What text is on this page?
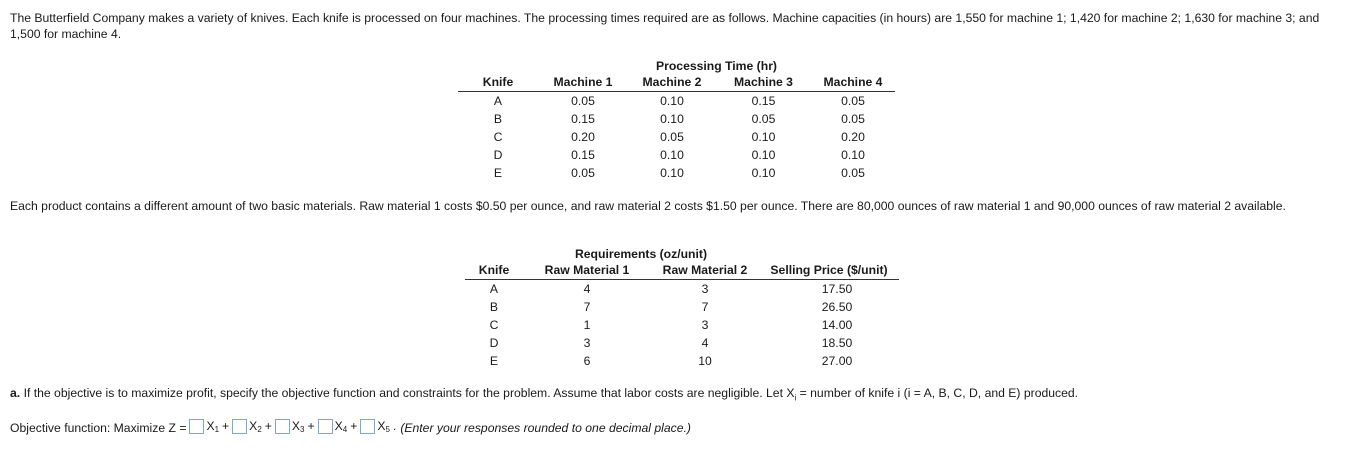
The Butterfield Company makes a variety of knives. Each knife is processed on four machines. The processing times required are as follows. Machine capacities (in hours) are 1,550 for machine 1; 1,420 for machine 2; 1,630 for machine 3; and 1,500 for machine 4.
	Processing Time (hr)			
Knife	Machine 1	Machine 2	Machine 3	Machine 4
A	0.05	0.10	0.15	0.05
B	0.15	0.10	0.05	0.05
C	0.20	0.05	0.10	0.20
D	0.15	0.10	0.10	0.10
E	0.05	0.10	0.10	0.05
Each product contains a different amount of two basic materials. Raw material 1 costs $0.50 per ounce, and raw material 2 costs $1.50 per ounce. There are 80,000 ounces of raw material 1 and 90,000 ounces of raw material 2 available.
	Requirements (oz/unit)		
Knife	Raw Material 1	Raw Material 2	Selling Price ($/unit)
A	4	3	17.50
B	7	7	26.50
C	1	3	14.00
D	3	4	18.50
E	6	10	27.00
a. If the objective is to maximize profit, specify the objective function and constraints for the problem. Assume that labor costs are negligible. Let $X_i$ = number of knife i (i = A, B, C, D, and E) produced.
Objective function: Maximize Z =	$X_1$ +	$X_2$ +	$X_3$ +	$X_4$ +	$X_5$ . (Enter your responses rounded to one decimal place.)
